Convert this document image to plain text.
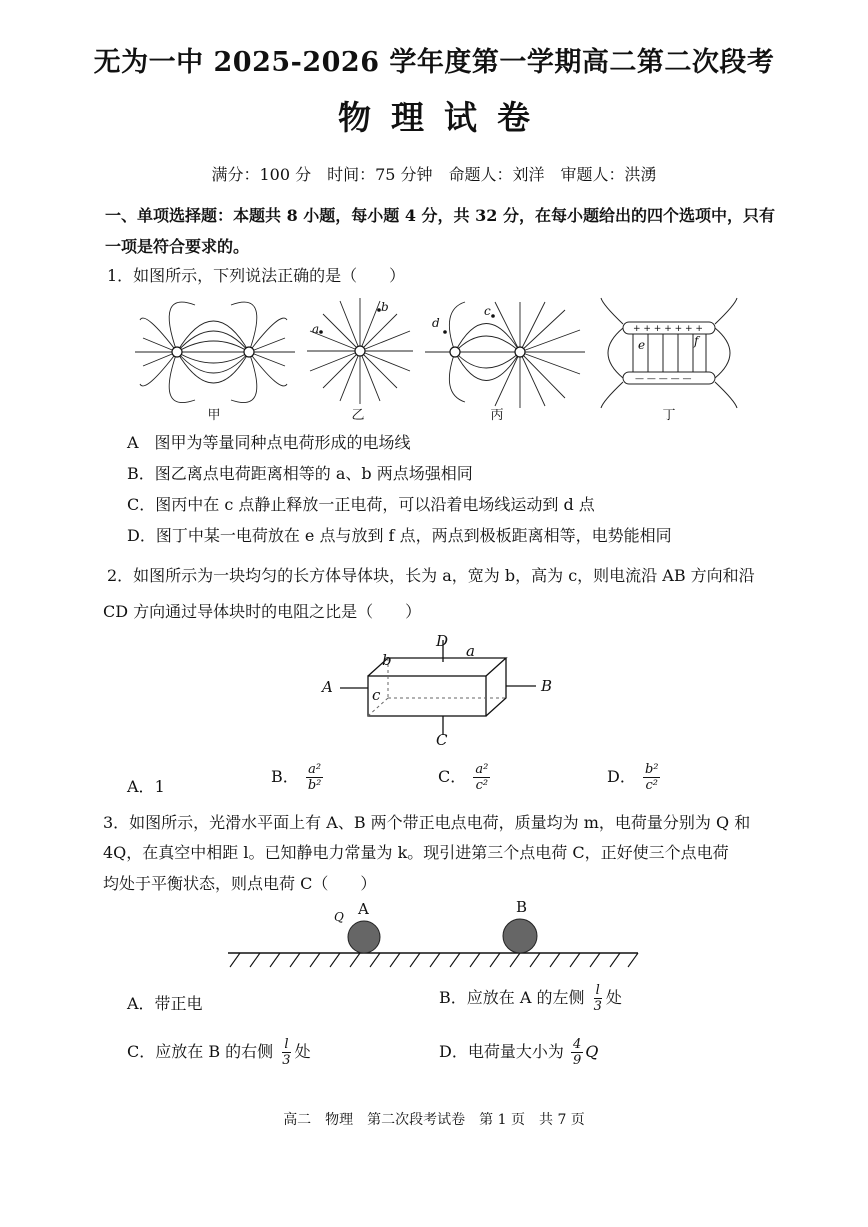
无为一中 2025-2026 学年度第一学期高二第二次段考
物理试卷
满分：100 分　时间：75 分钟　命题人：刘洋　审题人：洪湧
一、单项选择题：本题共 8 小题，每小题 4 分，共 32 分，在每小题给出的四个选项中，只有一项是符合要求的。
1．如图所示，下列说法正确的是（　　）
甲
a
b
乙
d
c
丙
+ + + + + + +
— — — — —
e	f
丁
A　图甲为等量同种点电荷形成的电场线
B．图乙离点电荷距离相等的 a、b 两点场强相同
C．图丙中在 c 点静止释放一正电荷，可以沿着电场线运动到 d 点
D．图丁中某一电荷放在 e 点与放到 f 点，两点到极板距离相等，电势能相同
2．如图所示为一块均匀的长方体导体块，长为 a，宽为 b，高为 c，则电流沿 AB 方向和沿
CD 方向通过导体块时的电阻之比是（　　）
A	B
C
D
a
b
c
A．1
B． $\frac{\text{a²}}{\text{b²}}$	C． $\frac{\text{a²}}{\text{c²}}$	D． $\frac{\text{b²}}{\text{c²}}$
3．如图所示，光滑水平面上有 A、B 两个带正电点电荷，质量均为 m，电荷量分别为 Q 和
4Q，在真空中相距 l。已知静电力常量为 k。现引进第三个点电荷 C，正好使三个点电荷
均处于平衡状态，则点电荷 C（　　）
A	B
Q
A．带正电	B．应放在 A 的左侧 $\frac{l}{3}$ 处
C．应放在 B 的右侧 $\frac{l}{3}$ 处	D．电荷量大小为 $\frac{4}{9}$ Q
高二　物理　第二次段考试卷　第 1 页　共 7 页
